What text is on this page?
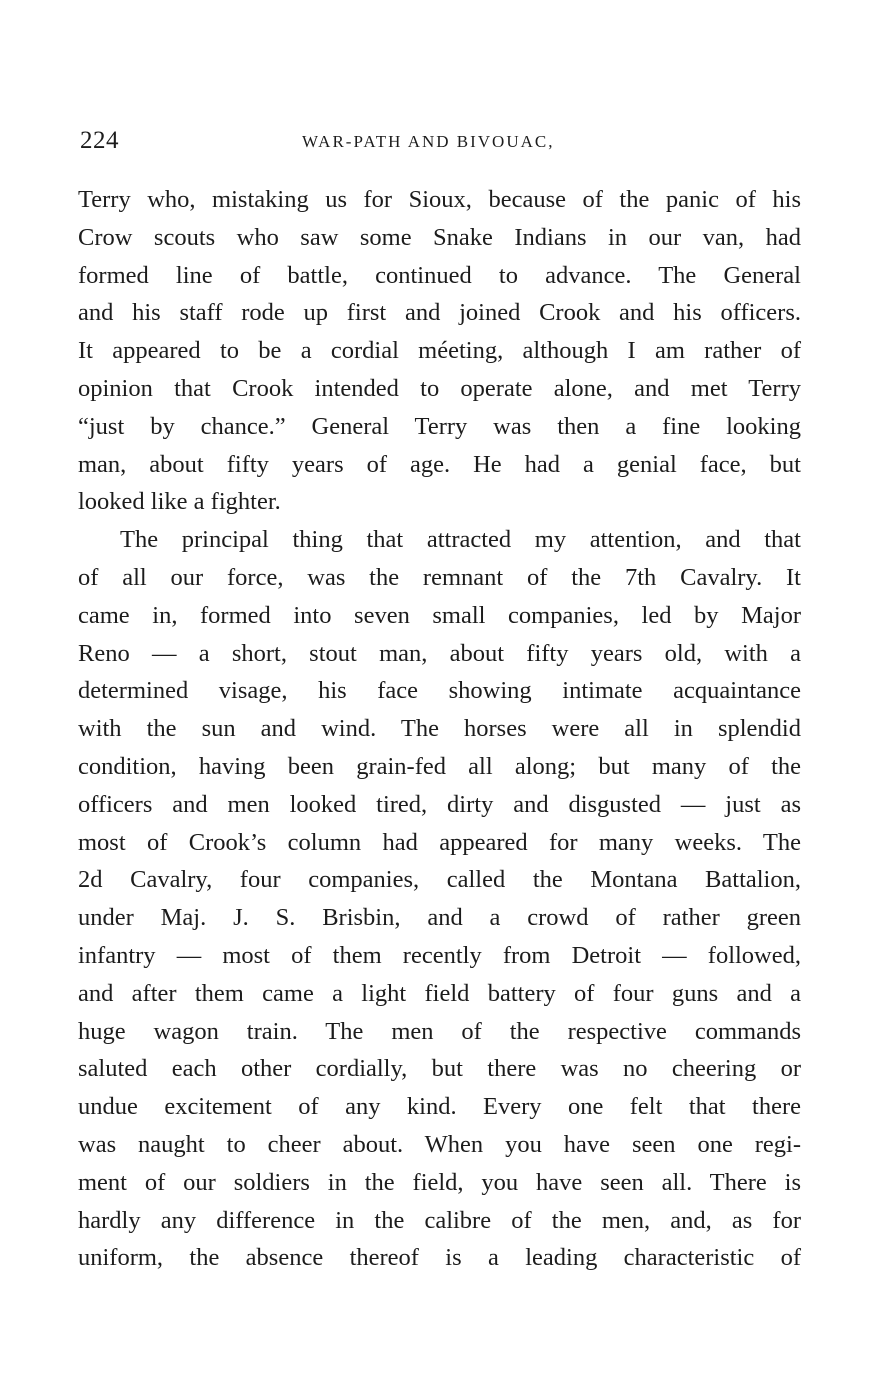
224	WAR-PATH AND BIVOUAC,
Terry who, mistaking us for Sioux, because of the panic of his
Crow scouts who saw some Snake Indians in our van, had
formed line of battle, continued to advance. The General
and his staff rode up first and joined Crook and his officers.
It appeared to be a cordial méeting, although I am rather of
opinion that Crook intended to operate alone, and met Terry
“just by chance.” General Terry was then a fine looking
man, about fifty years of age. He had a genial face, but
looked like a fighter.
The principal thing that attracted my attention, and that
of all our force, was the remnant of the 7th Cavalry. It
came in, formed into seven small companies, led by Major
Reno — a short, stout man, about fifty years old, with a
determined visage, his face showing intimate acquaintance
with the sun and wind. The horses were all in splendid
condition, having been grain-fed all along; but many of the
officers and men looked tired, dirty and disgusted — just as
most of Crook’s column had appeared for many weeks. The
2d Cavalry, four companies, called the Montana Battalion,
under Maj. J. S. Brisbin, and a crowd of rather green
infantry — most of them recently from Detroit — followed,
and after them came a light field battery of four guns and a
huge wagon train. The men of the respective commands
saluted each other cordially, but there was no cheering or
undue excitement of any kind. Every one felt that there
was naught to cheer about. When you have seen one regi-
ment of our soldiers in the field, you have seen all. There is
hardly any difference in the calibre of the men, and, as for
uniform, the absence thereof is a leading characteristic of
